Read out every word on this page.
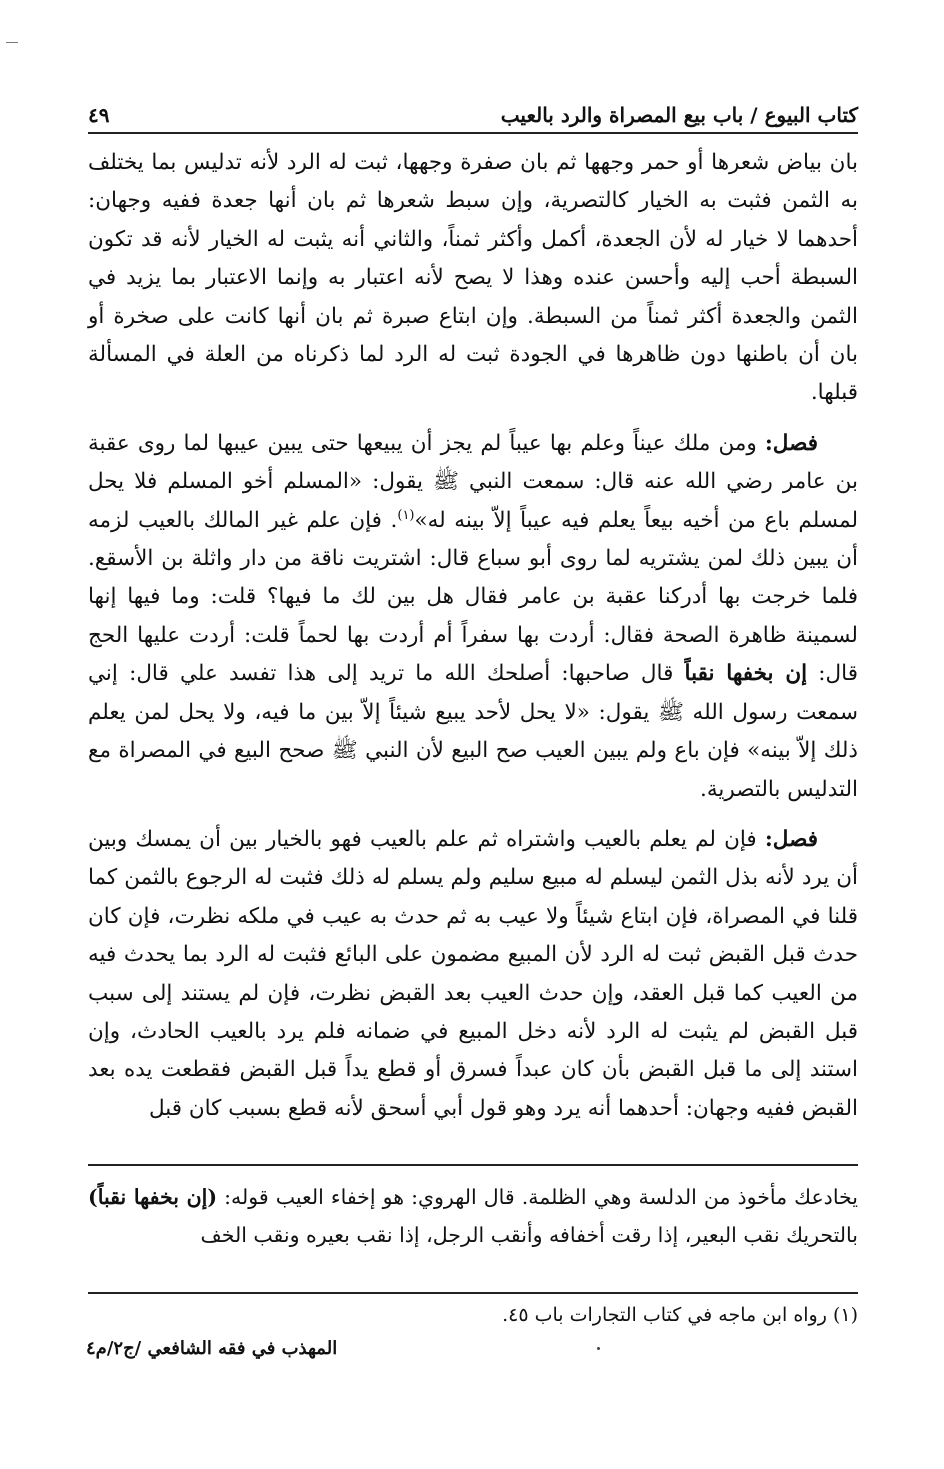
كتاب البيوع / باب بيع المصراة والرد بالعيب
٤٩

بان بياض شعرها أو حمر وجهها ثم بان صفرة وجهها، ثبت له الرد لأنه تدليس بما يختلف به الثمن فثبت به الخيار كالتصرية، وإن سبط شعرها ثم بان أنها جعدة ففيه وجهان: أحدهما لا خيار له لأن الجعدة، أكمل وأكثر ثمناً، والثاني أنه يثبت له الخيار لأنه قد تكون السبطة أحب إليه وأحسن عنده وهذا لا يصح لأنه اعتبار به وإنما الاعتبار بما يزيد في الثمن والجعدة أكثر ثمناً من السبطة. وإن ابتاع صبرة ثم بان أنها كانت على صخرة أو بان أن باطنها دون ظاهرها في الجودة ثبت له الرد لما ذكرناه من العلة في المسألة قبلها.

فصل: ومن ملك عيناً وعلم بها عيباً لم يجز أن يبيعها حتى يبين عيبها لما روى عقبة بن عامر رضي الله عنه قال: سمعت النبي ﷺ يقول: «المسلم أخو المسلم فلا يحل لمسلم باع من أخيه بيعاً يعلم فيه عيباً إلاّ بينه له»$^{(١)}$. فإن علم غير المالك بالعيب لزمه أن يبين ذلك لمن يشتريه لما روى أبو سباع قال: اشتريت ناقة من دار واثلة بن الأسقع. فلما خرجت بها أدركنا عقبة بن عامر فقال هل بين لك ما فيها؟ قلت: وما فيها إنها لسمينة ظاهرة الصحة فقال: أردت بها سفراً أم أردت بها لحماً قلت: أردت عليها الحج قال: إن بخفها نقباً قال صاحبها: أصلحك الله ما تريد إلى هذا تفسد علي قال: إني سمعت رسول الله ﷺ يقول: «لا يحل لأحد يبيع شيئاً إلاّ بين ما فيه، ولا يحل لمن يعلم ذلك إلاّ بينه» فإن باع ولم يبين العيب صح البيع لأن النبي ﷺ صحح البيع في المصراة مع التدليس بالتصرية.

فصل: فإن لم يعلم بالعيب واشتراه ثم علم بالعيب فهو بالخيار بين أن يمسك وبين أن يرد لأنه بذل الثمن ليسلم له مبيع سليم ولم يسلم له ذلك فثبت له الرجوع بالثمن كما قلنا في المصراة، فإن ابتاع شيئاً ولا عيب به ثم حدث به عيب في ملكه نظرت، فإن كان حدث قبل القبض ثبت له الرد لأن المبيع مضمون على البائع فثبت له الرد بما يحدث فيه من العيب كما قبل العقد، وإن حدث العيب بعد القبض نظرت، فإن لم يستند إلى سبب قبل القبض لم يثبت له الرد لأنه دخل المبيع في ضمانه فلم يرد بالعيب الحادث، وإن استند إلى ما قبل القبض بأن كان عبداً فسرق أو قطع يداً قبل القبض فقطعت يده بعد القبض ففيه وجهان: أحدهما أنه يرد وهو قول أبي أسحق لأنه قطع بسبب كان قبل

يخادعك مأخوذ من الدلسة وهي الظلمة. قال الهروي: هو إخفاء العيب قوله: (إن بخفها نقباً) بالتحريك نقب البعير، إذا رقت أخفافه وأنقب الرجل، إذا نقب بعيره ونقب الخف

(١) رواه ابن ماجه في كتاب التجارات باب ٤٥.

المهذب في فقه الشافعي /ج٢/م٤
